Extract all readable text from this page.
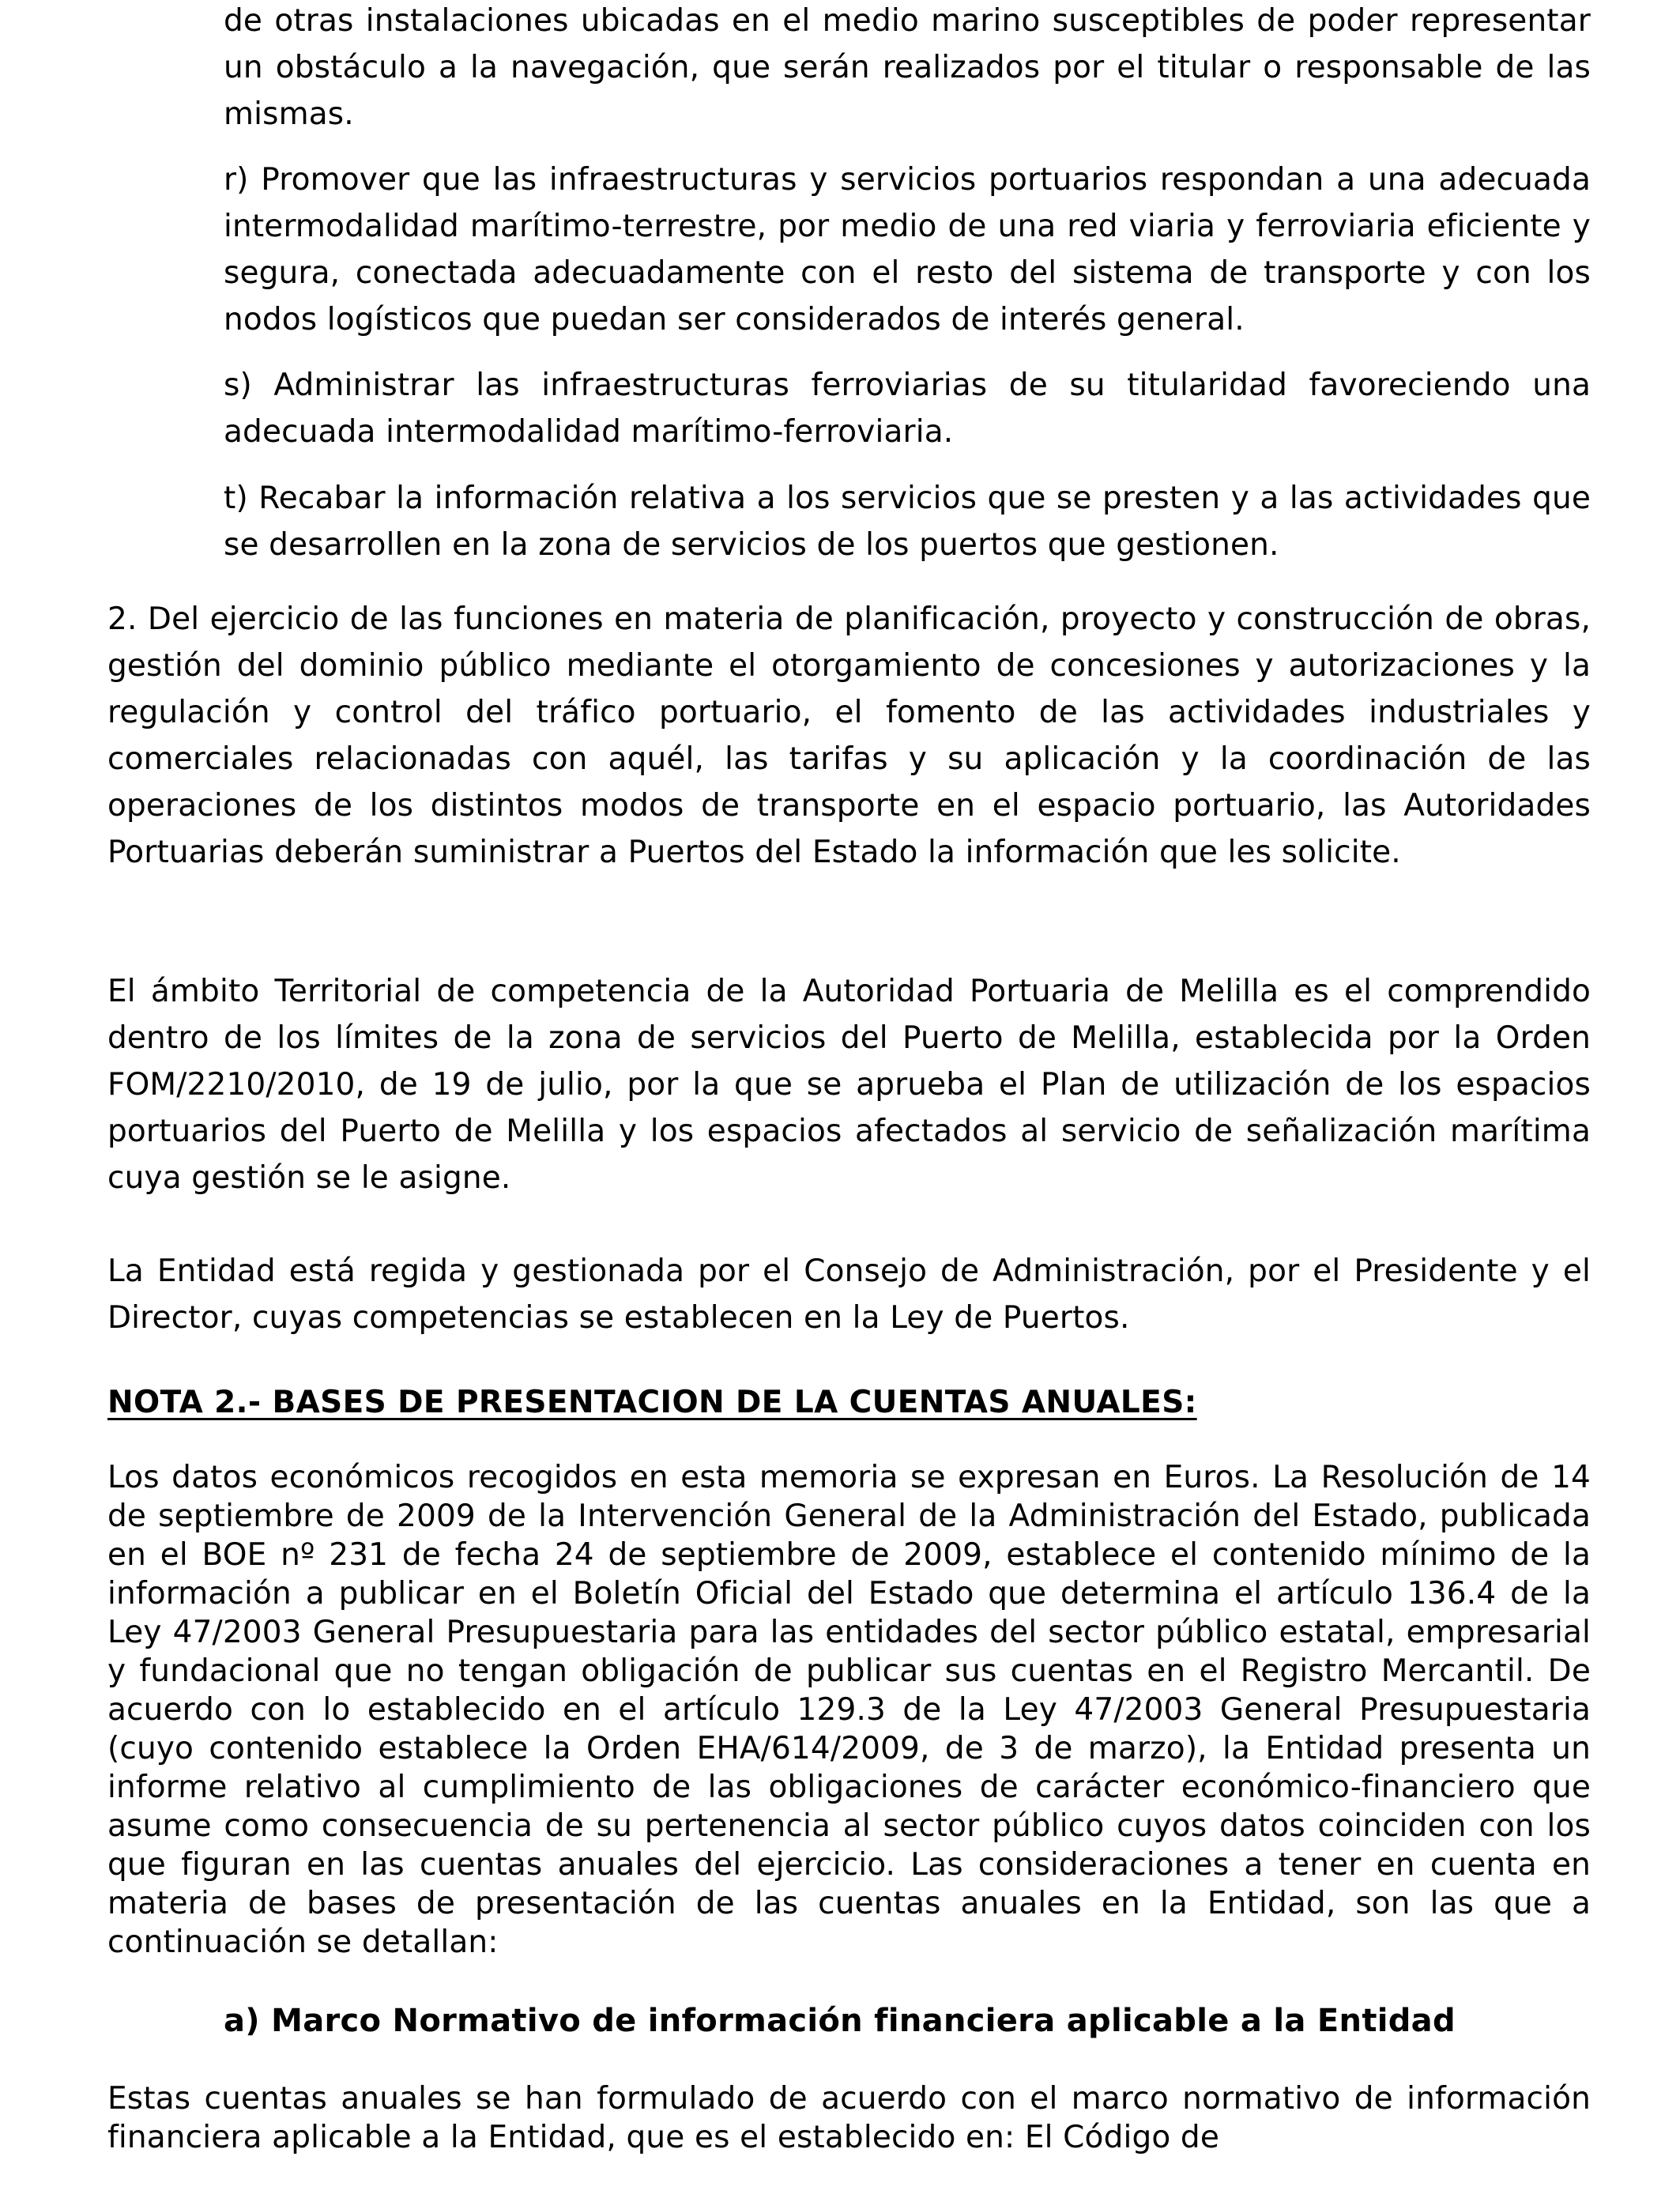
de otras instalaciones ubicadas en el medio marino susceptibles de poder representar un obstáculo a la navegación, que serán realizados por el titular o responsable de las mismas.

r) Promover que las infraestructuras y servicios portuarios respondan a una adecuada intermodalidad marítimo-terrestre, por medio de una red viaria y ferroviaria eficiente y segura, conectada adecuadamente con el resto del sistema de transporte y con los nodos logísticos que puedan ser considerados de interés general.

s) Administrar las infraestructuras ferroviarias de su titularidad favoreciendo una adecuada intermodalidad marítimo-ferroviaria.

t) Recabar la información relativa a los servicios que se presten y a las actividades que se desarrollen en la zona de servicios de los puertos que gestionen.

2. Del ejercicio de las funciones en materia de planificación, proyecto y construcción de obras, gestión del dominio público mediante el otorgamiento de concesiones y autorizaciones y la regulación y control del tráfico portuario, el fomento de las actividades industriales y comerciales relacionadas con aquél, las tarifas y su aplicación y la coordinación de las operaciones de los distintos modos de transporte en el espacio portuario, las Autoridades Portuarias deberán suministrar a Puertos del Estado la información que les solicite.

El ámbito Territorial de competencia de la Autoridad Portuaria de Melilla es el comprendido dentro de los límites de la zona de servicios del Puerto de Melilla, establecida por la Orden FOM/2210/2010, de 19 de julio, por la que se aprueba el Plan de utilización de los espacios portuarios del Puerto de Melilla y los espacios afectados al servicio de señalización marítima cuya gestión se le asigne.

La Entidad está regida y gestionada por el Consejo de Administración, por el Presidente y el Director, cuyas competencias se establecen en la Ley de Puertos.

NOTA 2.- BASES DE PRESENTACION DE LA CUENTAS ANUALES:

Los datos económicos recogidos en esta memoria se expresan en Euros. La Resolución de 14 de septiembre de 2009 de la Intervención General de la Administración del Estado, publicada en el BOE nº 231 de fecha 24 de septiembre de 2009, establece el contenido mínimo de la información a publicar en el Boletín Oficial del Estado que determina el artículo 136.4 de la Ley 47/2003 General Presupuestaria para las entidades del sector público estatal, empresarial y fundacional que no tengan obligación de publicar sus cuentas en el Registro Mercantil. De acuerdo con lo establecido en el artículo 129.3 de la Ley 47/2003 General Presupuestaria (cuyo contenido establece la Orden EHA/614/2009, de 3 de marzo), la Entidad presenta un informe relativo al cumplimiento de las obligaciones de carácter económico-financiero que asume como consecuencia de su pertenencia al sector público cuyos datos coinciden con los que figuran en las cuentas anuales del ejercicio. Las consideraciones a tener en cuenta en materia de bases de presentación de las cuentas anuales en la Entidad, son las que a continuación se detallan:

a) Marco Normativo de información financiera aplicable a la Entidad

Estas cuentas anuales se han formulado de acuerdo con el marco normativo de información financiera aplicable a la Entidad, que es el establecido en: El Código de
